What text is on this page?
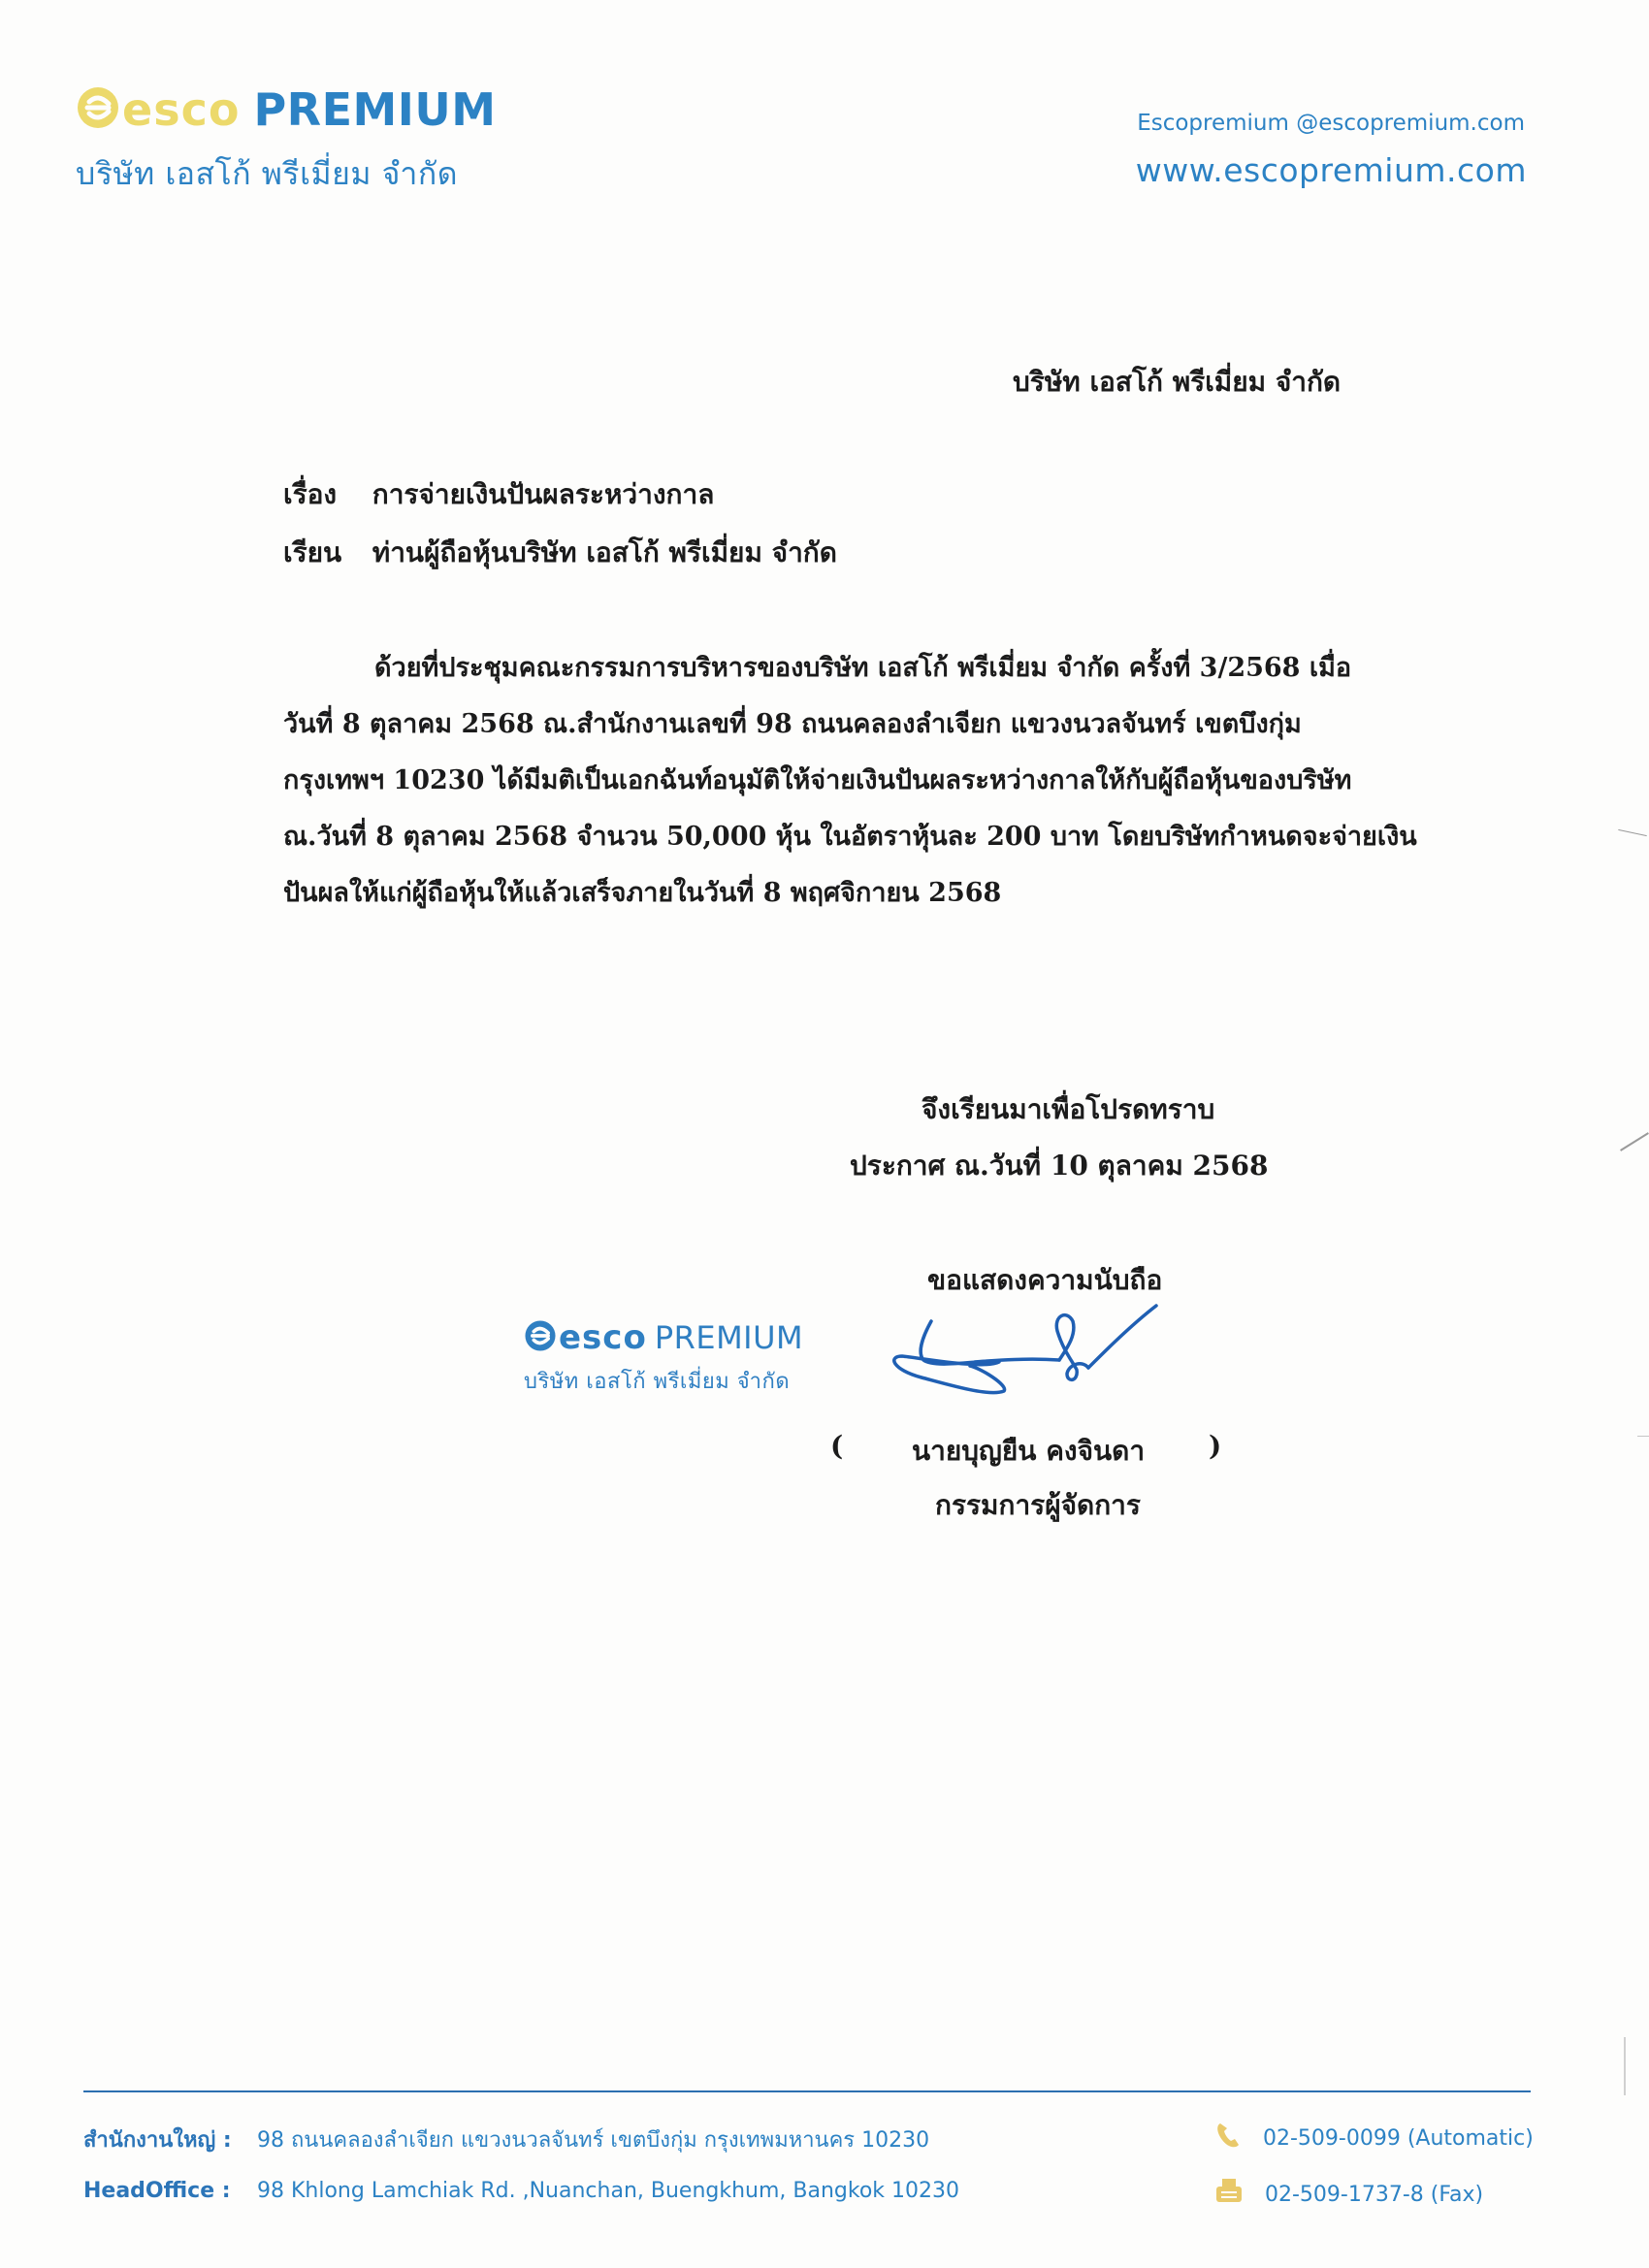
esco PREMIUM
บริษัท เอสโก้ พรีเมี่ยม จำกัด
Escopremium @escopremium.com
www.escopremium.com
บริษัท เอสโก้ พรีเมี่ยม จำกัด
เรื่อง การจ่ายเงินปันผลระหว่างกาล
เรียน ท่านผู้ถือหุ้นบริษัท เอสโก้ พรีเมี่ยม จำกัด

ด้วยที่ประชุมคณะกรรมการบริหารของบริษัท เอสโก้ พรีเมี่ยม จำกัด ครั้งที่ 3/2568 เมื่อ

วันที่ 8 ตุลาคม 2568 ณ.สำนักงานเลขที่ 98 ถนนคลองลำเจียก แขวงนวลจันทร์ เขตบึงกุ่ม

กรุงเทพฯ 10230 ได้มีมติเป็นเอกฉันท์อนุมัติให้จ่ายเงินปันผลระหว่างกาลให้กับผู้ถือหุ้นของบริษัท

ณ.วันที่ 8 ตุลาคม 2568 จำนวน 50,000 หุ้น ในอัตราหุ้นละ 200 บาท โดยบริษัทกำหนดจะจ่ายเงิน

ปันผลให้แก่ผู้ถือหุ้นให้แล้วเสร็จภายในวันที่ 8 พฤศจิกายน 2568

จึงเรียนมาเพื่อโปรดทราบ
ประกาศ ณ.วันที่ 10 ตุลาคม 2568
ขอแสดงความนับถือ
esco PREMIUM
บริษัท เอสโก้ พรีเมี่ยม จำกัด
(	นายบุญยืน คงจินดา )
กรรมการผู้จัดการ
สำนักงานใหญ่ : 98 ถนนคลองลำเจียก แขวงนวลจันทร์ เขตบึงกุ่ม กรุงเทพมหานคร 10230
HeadOffice : 98 Khlong Lamchiak Rd. ,Nuanchan, Buengkhum, Bangkok 10230
02-509-0099 (Automatic)
02-509-1737-8 (Fax)
